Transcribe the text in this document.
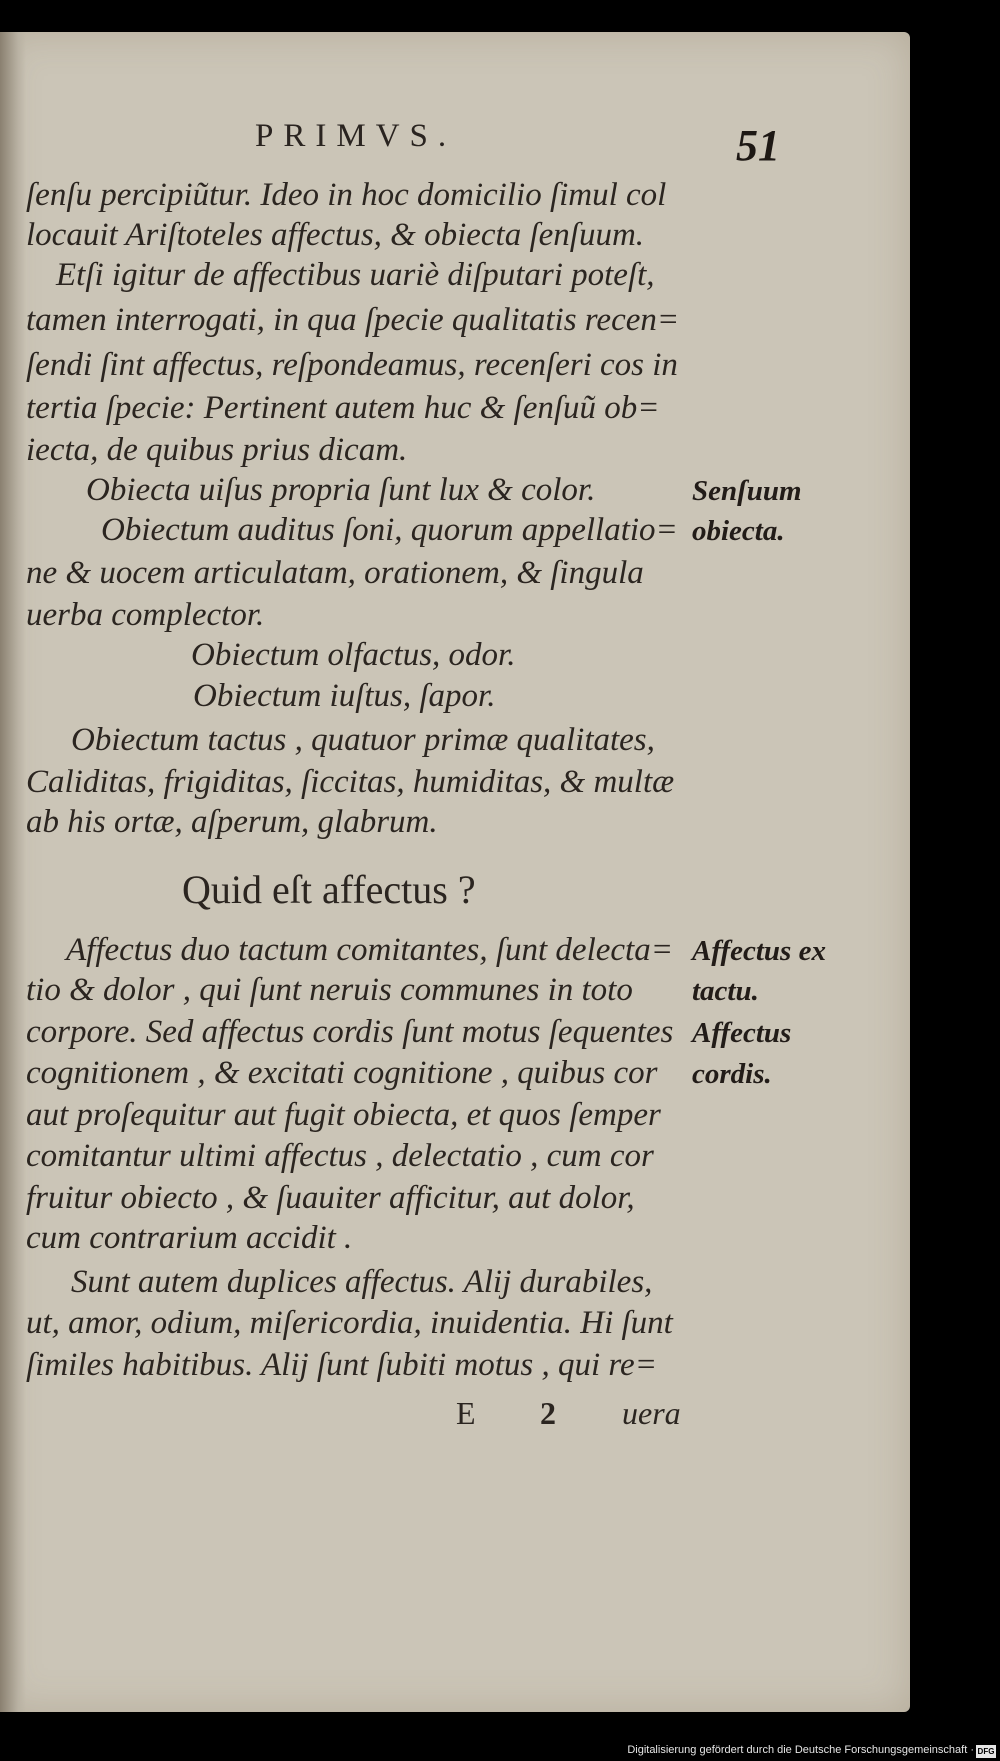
PRIMVS.	51
ſenſu percipiũtur. Ideo in hoc domicilio ſimul col
locauit Ariſtoteles affectus, & obiecta ſenſuum.
Etſi igitur de affectibus uariè diſputari poteſt,
tamen interrogati, in qua ſpecie qualitatis recen=
ſendi ſint affectus, reſpondeamus, recenſeri cos in
tertia ſpecie: Pertinent autem huc & ſenſuũ ob=
iecta, de quibus prius dicam.
Obiecta uiſus propria ſunt lux & color.
Obiectum auditus ſoni, quorum appellatio=
ne & uocem articulatam, orationem, & ſingula
uerba complector.
Obiectum olfactus, odor.
Obiectum iuſtus, ſapor.
Obiectum tactus , quatuor primæ qualitates,
Caliditas, frigiditas, ſiccitas, humiditas, & multæ
ab his ortæ, aſperum, glabrum.
Quid eſt affectus ?
Affectus duo tactum comitantes, ſunt delecta=
tio & dolor , qui ſunt neruis communes in toto
corpore. Sed affectus cordis ſunt motus ſequentes
cognitionem , & excitati cognitione , quibus cor
aut proſequitur aut fugit obiecta, et quos ſemper
comitantur ultimi affectus , delectatio , cum cor
fruitur obiecto , & ſuauiter afficitur, aut dolor,
cum contrarium accidit .
Sunt autem duplices affectus. Alij durabiles,
ut, amor, odium, miſericordia, inuidentia. Hi ſunt
ſimiles habitibus. Alij ſunt ſubiti motus , qui re=
Senſuum
obiecta.
Affectus ex
tactu.
Affectus
cordis.
E 2 uera
Digitalisierung gefördert durch die Deutsche Forschungsgemeinschaft · DFG
